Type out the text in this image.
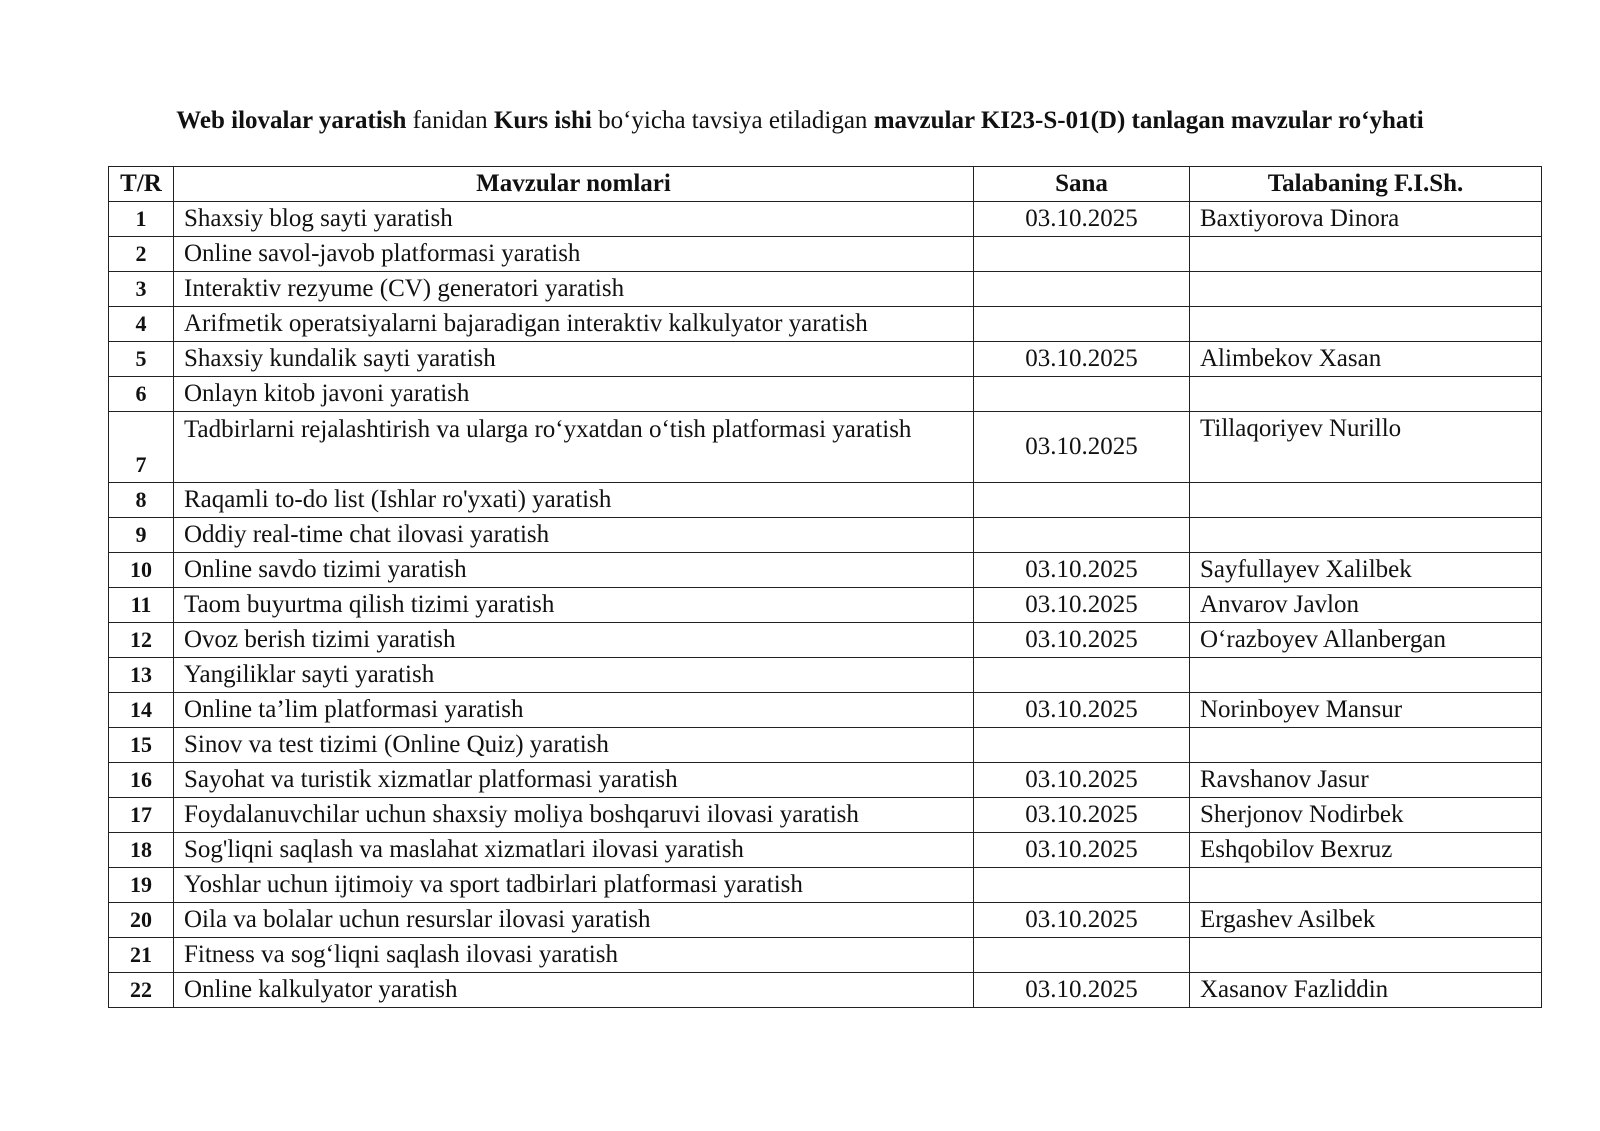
Web ilovalar yaratish fanidan Kurs ishi bo‘yicha tavsiya etiladigan mavzular KI23-S-01(D) tanlagan mavzular ro‘yhati
T/R	Mavzular nomlari	Sana	Talabaning F.I.Sh.
1	Shaxsiy blog sayti yaratish	03.10.2025	Baxtiyorova Dinora
2	Online savol-javob platformasi yaratish		
3	Interaktiv rezyume (CV) generatori yaratish		
4	Arifmetik operatsiyalarni bajaradigan interaktiv kalkulyator yaratish		
5	Shaxsiy kundalik sayti yaratish	03.10.2025	Alimbekov Xasan
6	Onlayn kitob javoni yaratish		
7	Tadbirlarni rejalashtirish va ularga ro‘yxatdan o‘tish platformasi yaratish	03.10.2025	Tillaqoriyev Nurillo
8	Raqamli to-do list (Ishlar ro'yxati) yaratish		
9	Oddiy real-time chat ilovasi yaratish		
10	Online savdo tizimi yaratish	03.10.2025	Sayfullayev Xalilbek
11	Taom buyurtma qilish tizimi yaratish	03.10.2025	Anvarov Javlon
12	Ovoz berish tizimi yaratish	03.10.2025	O‘razboyev Allanbergan
13	Yangiliklar sayti yaratish		
14	Online ta’lim platformasi yaratish	03.10.2025	Norinboyev Mansur
15	Sinov va test tizimi (Online Quiz) yaratish		
16	Sayohat va turistik xizmatlar platformasi yaratish	03.10.2025	Ravshanov Jasur
17	Foydalanuvchilar uchun shaxsiy moliya boshqaruvi ilovasi yaratish	03.10.2025	Sherjonov Nodirbek
18	Sog'liqni saqlash va maslahat xizmatlari ilovasi yaratish	03.10.2025	Eshqobilov Bexruz
19	Yoshlar uchun ijtimoiy va sport tadbirlari platformasi yaratish		
20	Oila va bolalar uchun resurslar ilovasi yaratish	03.10.2025	Ergashev Asilbek
21	Fitness va sog‘liqni saqlash ilovasi yaratish		
22	Online kalkulyator yaratish	03.10.2025	Xasanov Fazliddin
